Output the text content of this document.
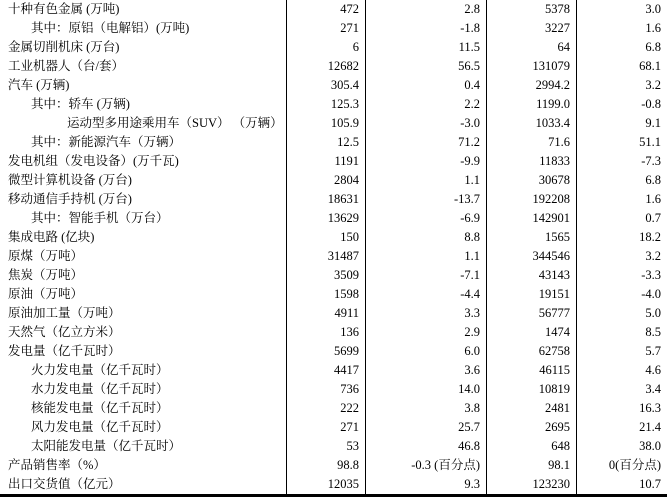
十种有色金属 (万吨)	472	2.8	5378	3.0
其中：原铝（电解铝）(万吨)	271	-1.8	3227	1.6
金属切削机床 (万台)	6	11.5	64	6.8
工业机器人（台/套）	12682	56.5	131079	68.1
汽车 (万辆)	305.4	0.4	2994.2	3.2
其中：轿车 (万辆)	125.3	2.2	1199.0	-0.8
运动型多用途乘用车（SUV） （万辆）	105.9	-3.0	1033.4	9.1
其中：新能源汽车（万辆）	12.5	71.2	71.6	51.1
发电机组（发电设备）(万千瓦)	1191	-9.9	11833	-7.3
微型计算机设备 (万台)	2804	1.1	30678	6.8
移动通信手持机 (万台)	18631	-13.7	192208	1.6
其中：智能手机（万台）	13629	-6.9	142901	0.7
集成电路 (亿块)	150	8.8	1565	18.2
原煤（万吨）	31487	1.1	344546	3.2
焦炭（万吨）	3509	-7.1	43143	-3.3
原油（万吨）	1598	-4.4	19151	-4.0
原油加工量（万吨）	4911	3.3	56777	5.0
天然气（亿立方米）	136	2.9	1474	8.5
发电量（亿千瓦时）	5699	6.0	62758	5.7
火力发电量（亿千瓦时）	4417	3.6	46115	4.6
水力发电量（亿千瓦时）	736	14.0	10819	3.4
核能发电量（亿千瓦时）	222	3.8	2481	16.3
风力发电量（亿千瓦时）	271	25.7	2695	21.4
太阳能发电量（亿千瓦时）	53	46.8	648	38.0
产品销售率（%）	98.8	-0.3 (百分点)	98.1	0(百分点)
出口交货值（亿元）	12035	9.3	123230	10.7
